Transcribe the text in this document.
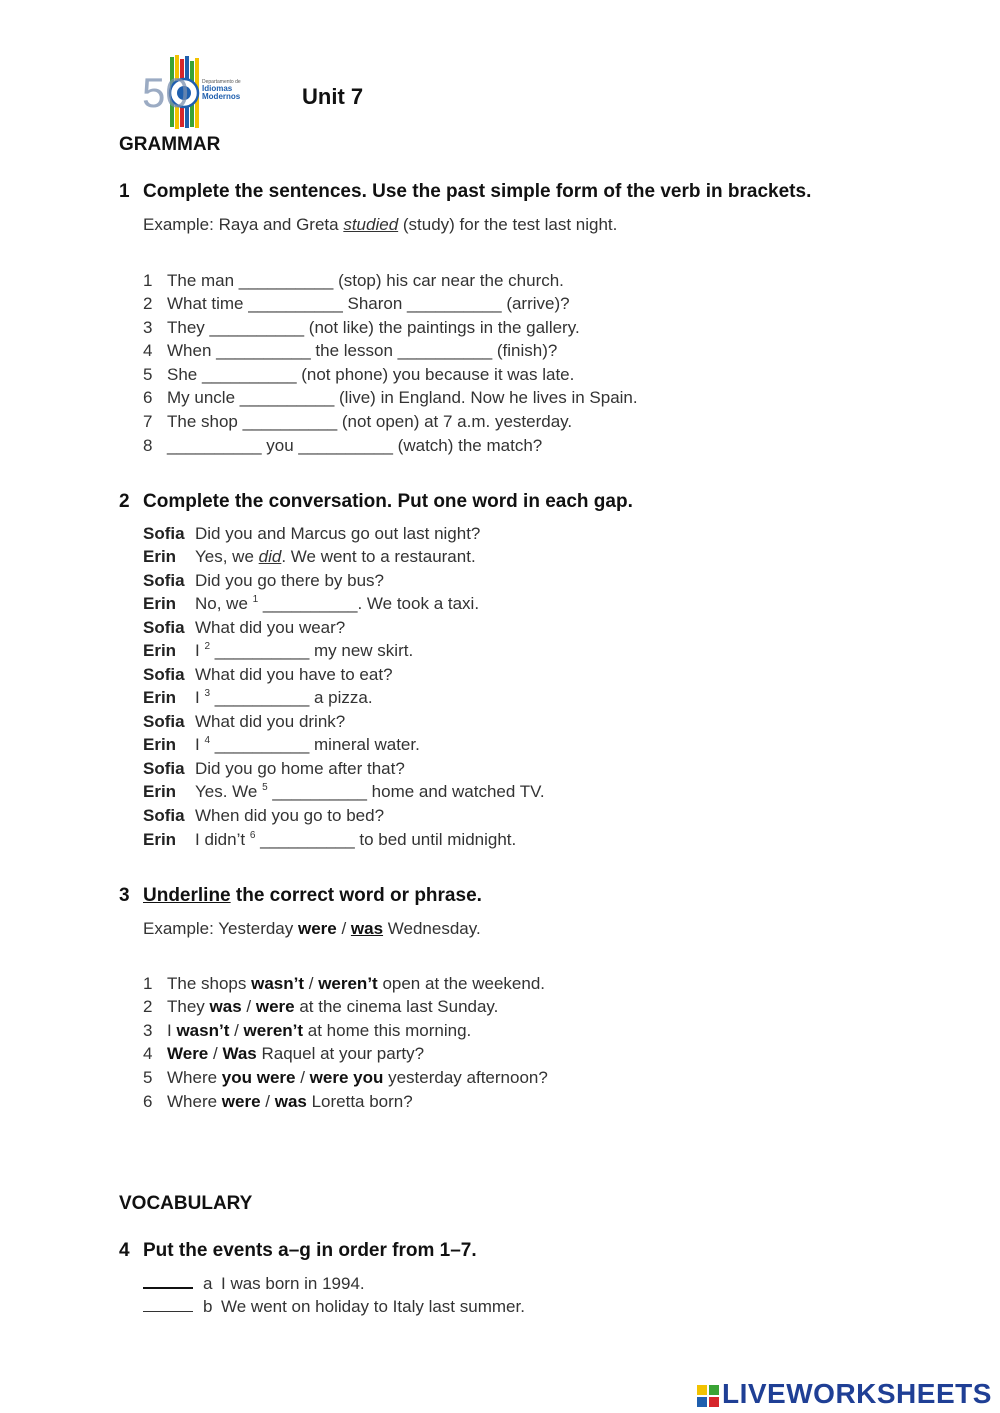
50	Departamento de
Idiomas
Modernos	Unit 7
GRAMMAR
1 Complete the sentences. Use the past simple form of the verb in brackets.
Example: Raya and Greta studied (study) for the test last night.
1 The man __________ (stop) his car near the church.
2 What time __________ Sharon __________ (arrive)?
3 They __________ (not like) the paintings in the gallery.
4 When __________ the lesson __________ (finish)?
5 She __________ (not phone) you because it was late.
6 My uncle __________ (live) in England. Now he lives in Spain.
7 The shop __________ (not open) at 7 a.m. yesterday.
8 __________ you __________ (watch) the match?
2 Complete the conversation. Put one word in each gap.
Sofia Did you and Marcus go out last night?
Erin Yes, we did. We went to a restaurant.
Sofia Did you go there by bus?
Erin No, we $^1$ __________. We took a taxi.
Sofia What did you wear?
Erin I $^2$ __________ my new skirt.
Sofia What did you have to eat?
Erin I $^3$ __________ a pizza.
Sofia What did you drink?
Erin I $^4$ __________ mineral water.
Sofia Did you go home after that?
Erin Yes. We $^5$ __________ home and watched TV.
Sofia When did you go to bed?
Erin I didn’t $^6$ __________ to bed until midnight.
3 Underline the correct word or phrase.
Example: Yesterday were / was Wednesday.
1 The shops wasn’t / weren’t open at the weekend.
2 They was / were at the cinema last Sunday.
3 I wasn’t / weren’t at home this morning.
4 Were / Was Raquel at your party?
5 Where you were / were you yesterday afternoon?
6 Where were / was Loretta born?
VOCABULARY
4 Put the events a–g in order from 1–7.
a I was born in 1994.
b We went on holiday to Italy last summer.
LIVEWORKSHEETS
